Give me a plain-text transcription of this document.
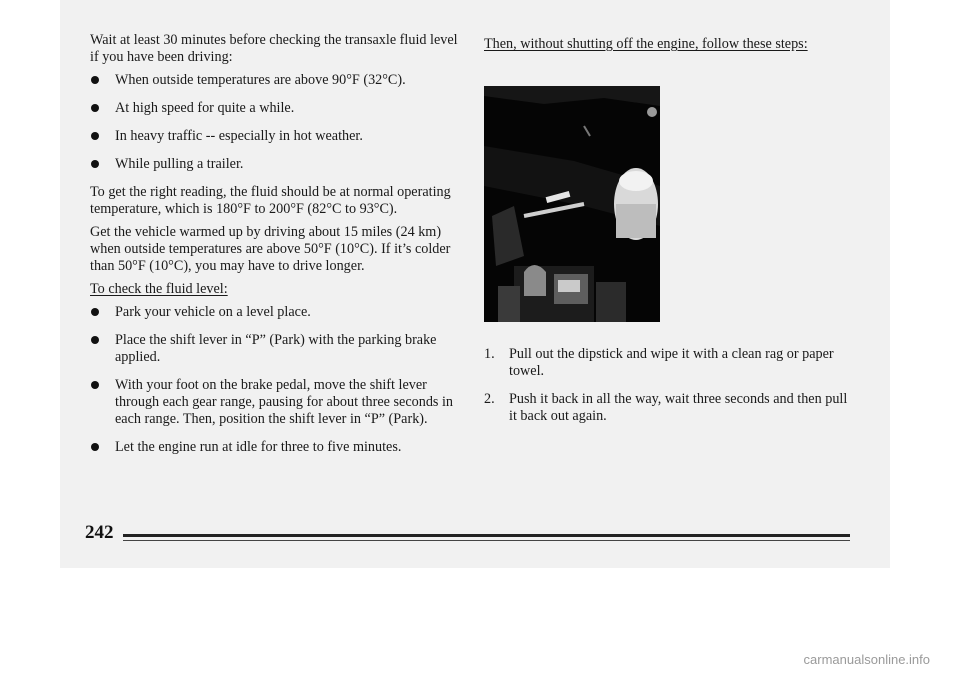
Wait at least 30 minutes before checking the transaxle fluid level if you have been driving:

When outside temperatures are above 90°F (32°C).
At high speed for quite a while.
In heavy traffic -- especially in hot weather.
While pulling a trailer.

To get the right reading, the fluid should be at normal operating temperature, which is 180°F to 200°F (82°C to 93°C).

Get the vehicle warmed up by driving about 15 miles (24 km) when outside temperatures are above 50°F (10°C). If it’s colder than 50°F (10°C), you may have to drive longer.

To check the fluid level:

Park your vehicle on a level place.
Place the shift lever in “P” (Park) with the parking brake applied.
With your foot on the brake pedal, move the shift lever through each gear range, pausing for about three seconds in each range. Then, position the shift lever in “P” (Park).
Let the engine run at idle for three to five minutes.

Then, without shutting off the engine, follow these steps:

1. Pull out the dipstick and wipe it with a clean rag or paper towel.
2. Push it back in all the way, wait three seconds and then pull it back out again.
242
carmanualsonline.info
